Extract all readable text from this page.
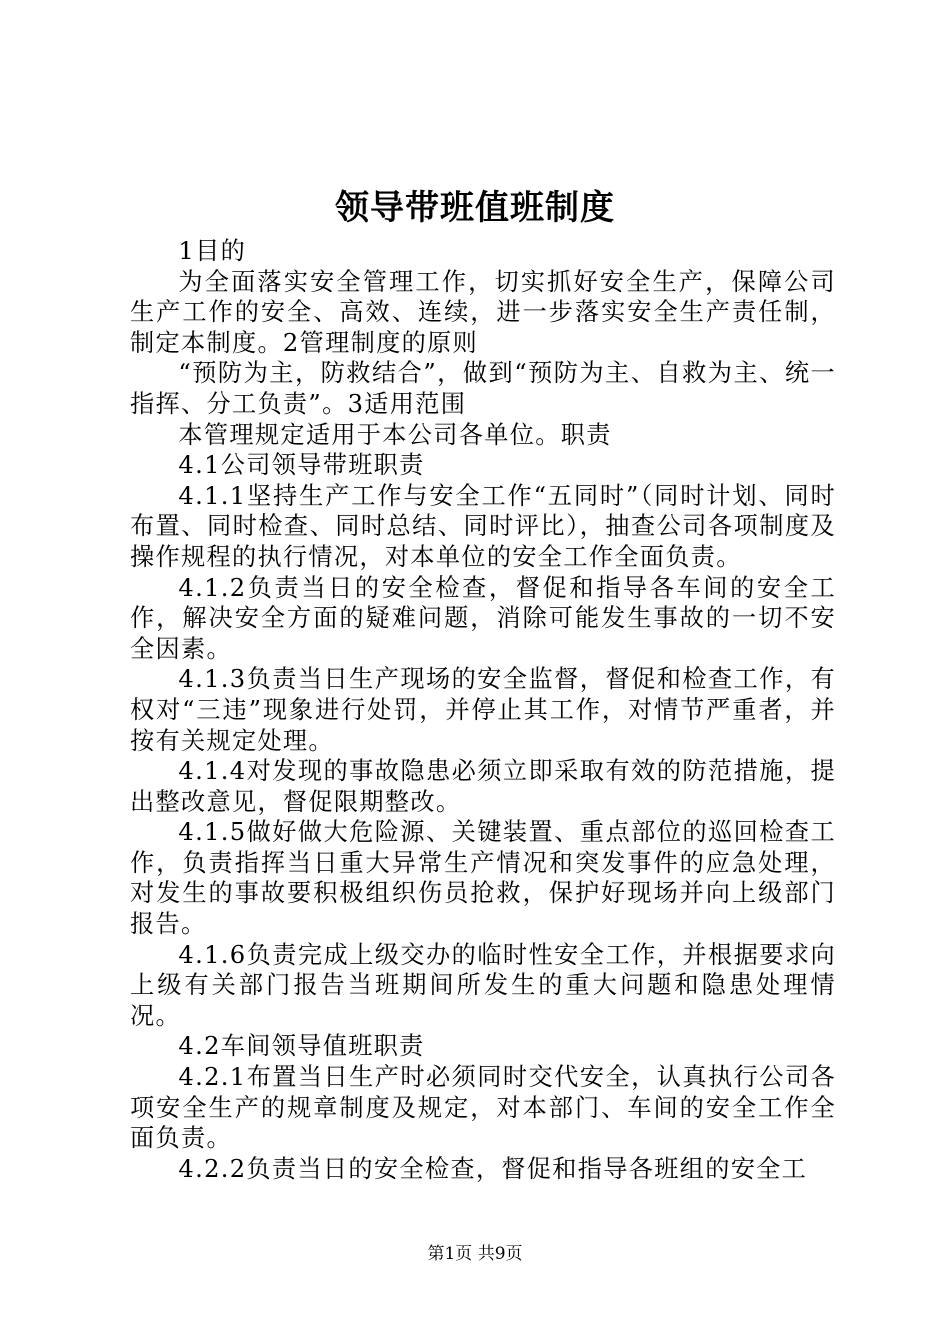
领导带班值班制度

1目的

为全面落实安全管理工作，切实抓好安全生产，保障公司生产工作的安全、高效、连续，进一步落实安全生产责任制，制定本制度。2管理制度的原则

“预防为主，防救结合”，做到“预防为主、自救为主、统一指挥、分工负责”。3适用范围

本管理规定适用于本公司各单位。职责

4.1公司领导带班职责

4.1.1坚持生产工作与安全工作“五同时”（同时计划、同时布置、同时检查、同时总结、同时评比），抽查公司各项制度及操作规程的执行情况，对本单位的安全工作全面负责。

4.1.2负责当日的安全检查，督促和指导各车间的安全工作，解决安全方面的疑难问题，消除可能发生事故的一切不安全因素。

4.1.3负责当日生产现场的安全监督，督促和检查工作，有权对“三违”现象进行处罚，并停止其工作，对情节严重者，并按有关规定处理。

4.1.4对发现的事故隐患必须立即采取有效的防范措施，提出整改意见，督促限期整改。

4.1.5做好做大危险源、关键装置、重点部位的巡回检查工作，负责指挥当日重大异常生产情况和突发事件的应急处理，对发生的事故要积极组织伤员抢救，保护好现场并向上级部门报告。

4.1.6负责完成上级交办的临时性安全工作，并根据要求向上级有关部门报告当班期间所发生的重大问题和隐患处理情况。

4.2车间领导值班职责

4.2.1布置当日生产时必须同时交代安全，认真执行公司各项安全生产的规章制度及规定，对本部门、车间的安全工作全面负责。

4.2.2负责当日的安全检查，督促和指导各班组的安全工

第1页 共9页
